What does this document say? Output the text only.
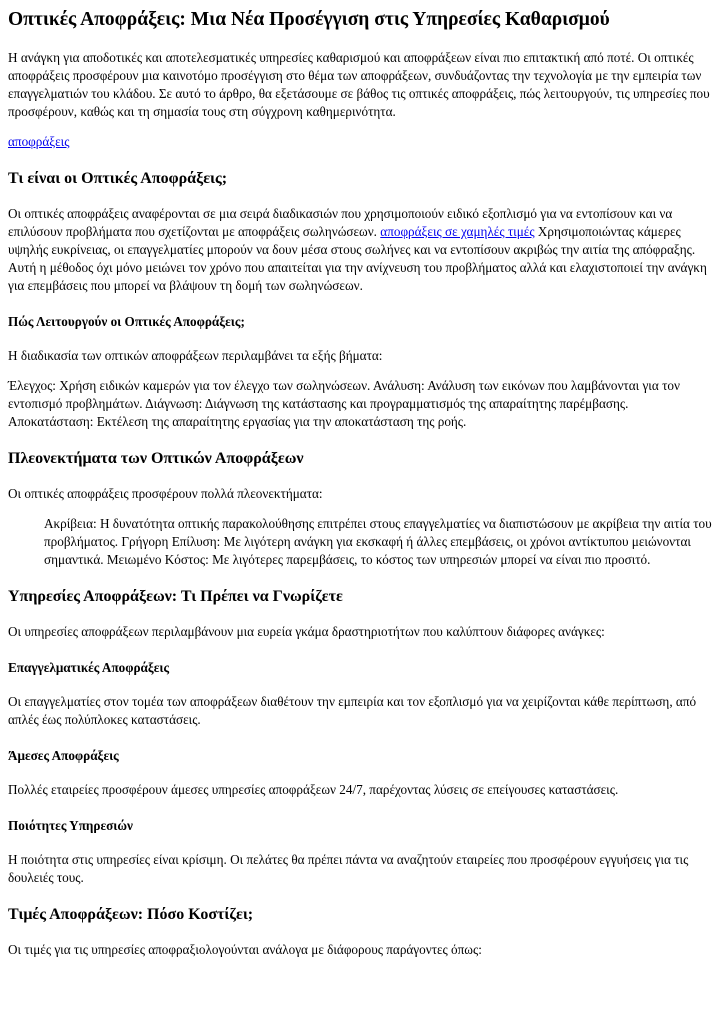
Οπτικές Αποφράξεις: Μια Νέα Προσέγγιση στις Υπηρεσίες Καθαρισμού

Η ανάγκη για αποδοτικές και αποτελεσματικές υπηρεσίες καθαρισμού και αποφράξεων είναι πιο επιτακτική από ποτέ. Οι οπτικές αποφράξεις προσφέρουν μια καινοτόμο προσέγγιση στο θέμα των αποφράξεων, συνδυάζοντας την τεχνολογία με την εμπειρία των επαγγελματιών του κλάδου. Σε αυτό το άρθρο, θα εξετάσουμε σε βάθος τις οπτικές αποφράξεις, πώς λειτουργούν, τις υπηρεσίες που προσφέρουν, καθώς και τη σημασία τους στη σύγχρονη καθημερινότητα.

αποφράξεις

Τι είναι οι Οπτικές Αποφράξεις;

Οι οπτικές αποφράξεις αναφέρονται σε μια σειρά διαδικασιών που χρησιμοποιούν ειδικό εξοπλισμό για να εντοπίσουν και να επιλύσουν προβλήματα που σχετίζονται με αποφράξεις σωληνώσεων. αποφράξεις σε χαμηλές τιμές Χρησιμοποιώντας κάμερες υψηλής ευκρίνειας, οι επαγγελματίες μπορούν να δουν μέσα στους σωλήνες και να εντοπίσουν ακριβώς την αιτία της απόφραξης. Αυτή η μέθοδος όχι μόνο μειώνει τον χρόνο που απαιτείται για την ανίχνευση του προβλήματος αλλά και ελαχιστοποιεί την ανάγκη για επεμβάσεις που μπορεί να βλάψουν τη δομή των σωληνώσεων.

Πώς Λειτουργούν οι Οπτικές Αποφράξεις;

Η διαδικασία των οπτικών αποφράξεων περιλαμβάνει τα εξής βήματα:

Έλεγχος: Χρήση ειδικών καμερών για τον έλεγχο των σωληνώσεων. Ανάλυση: Ανάλυση των εικόνων που λαμβάνονται για τον εντοπισμό προβλημάτων. Διάγνωση: Διάγνωση της κατάστασης και προγραμματισμός της απαραίτητης παρέμβασης. Αποκατάσταση: Εκτέλεση της απαραίτητης εργασίας για την αποκατάσταση της ροής.

Πλεονεκτήματα των Οπτικών Αποφράξεων

Οι οπτικές αποφράξεις προσφέρουν πολλά πλεονεκτήματα:

Ακρίβεια: Η δυνατότητα οπτικής παρακολούθησης επιτρέπει στους επαγγελματίες να διαπιστώσουν με ακρίβεια την αιτία του προβλήματος. Γρήγορη Επίλυση: Με λιγότερη ανάγκη για εκσκαφή ή άλλες επεμβάσεις, οι χρόνοι αντίκτυπου μειώνονται σημαντικά. Μειωμένο Κόστος: Με λιγότερες παρεμβάσεις, το κόστος των υπηρεσιών μπορεί να είναι πιο προσιτό.
Υπηρεσίες Αποφράξεων: Τι Πρέπει να Γνωρίζετε

Οι υπηρεσίες αποφράξεων περιλαμβάνουν μια ευρεία γκάμα δραστηριοτήτων που καλύπτουν διάφορες ανάγκες:

Επαγγελματικές Αποφράξεις

Οι επαγγελματίες στον τομέα των αποφράξεων διαθέτουν την εμπειρία και τον εξοπλισμό για να χειρίζονται κάθε περίπτωση, από απλές έως πολύπλοκες καταστάσεις.

Άμεσες Αποφράξεις

Πολλές εταιρείες προσφέρουν άμεσες υπηρεσίες αποφράξεων 24/7, παρέχοντας λύσεις σε επείγουσες καταστάσεις.

Ποιότητες Υπηρεσιών

Η ποιότητα στις υπηρεσίες είναι κρίσιμη. Οι πελάτες θα πρέπει πάντα να αναζητούν εταιρείες που προσφέρουν εγγυήσεις για τις δουλειές τους.

Τιμές Αποφράξεων: Πόσο Κοστίζει;

Οι τιμές για τις υπηρεσίες αποφραξιολογούνται ανάλογα με διάφορους παράγοντες όπως:
